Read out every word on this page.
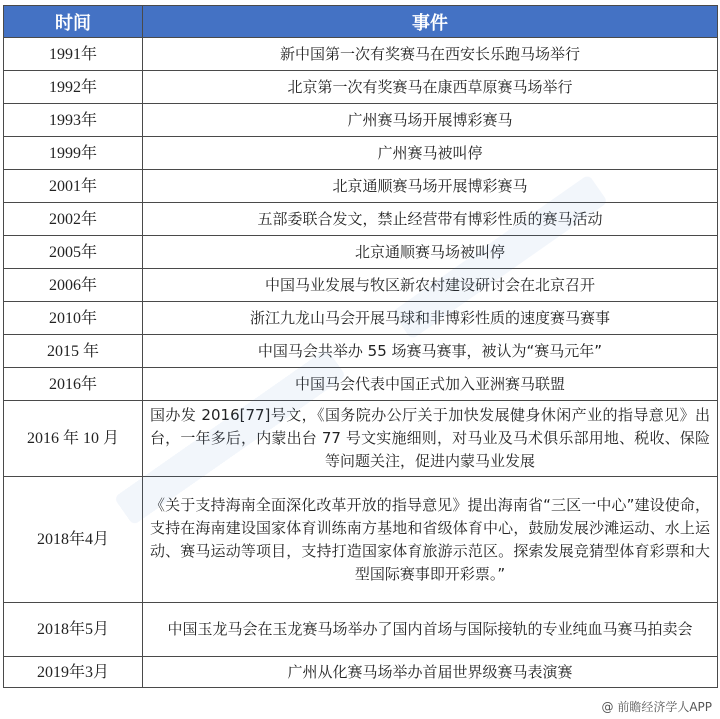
时间	事件
1991年	新中国第一次有奖赛马在西安长乐跑马场举行
1992年	北京第一次有奖赛马在康西草原赛马场举行
1993年	广州赛马场开展博彩赛马
1999年	广州赛马被叫停
2001年	北京通顺赛马场开展博彩赛马
2002年	五部委联合发文，禁止经营带有博彩性质的赛马活动
2005年	北京通顺赛马场被叫停
2006年	中国马业发展与牧区新农村建设研讨会在北京召开
2010年	浙江九龙山马会开展马球和非博彩性质的速度赛马赛事
2015 年	中国马会共举办 55 场赛马赛事，被认为“赛马元年”
2016年	中国马会代表中国正式加入亚洲赛马联盟
2016 年 10 月	国办发 2016[77]号文，《国务院办公厅关于加快发展健身休闲产业的指导意见》出台，一年多后，内蒙出台 77 号文实施细则，对马业及马术俱乐部用地、税收、保险等问题关注，促进内蒙马业发展
2018年4月	《关于支持海南全面深化改革开放的指导意见》提出海南省“三区一中心”建设使命，支持在海南建设国家体育训练南方基地和省级体育中心，鼓励发展沙滩运动、水上运动、赛马运动等项目，支持打造国家体育旅游示范区。探索发展竞猜型体育彩票和大型国际赛事即开彩票。”
2018年5月	中国玉龙马会在玉龙赛马场举办了国内首场与国际接轨的专业纯血马赛马拍卖会
2019年3月	广州从化赛马场举办首届世界级赛马表演赛
@ 前瞻经济学人APP
